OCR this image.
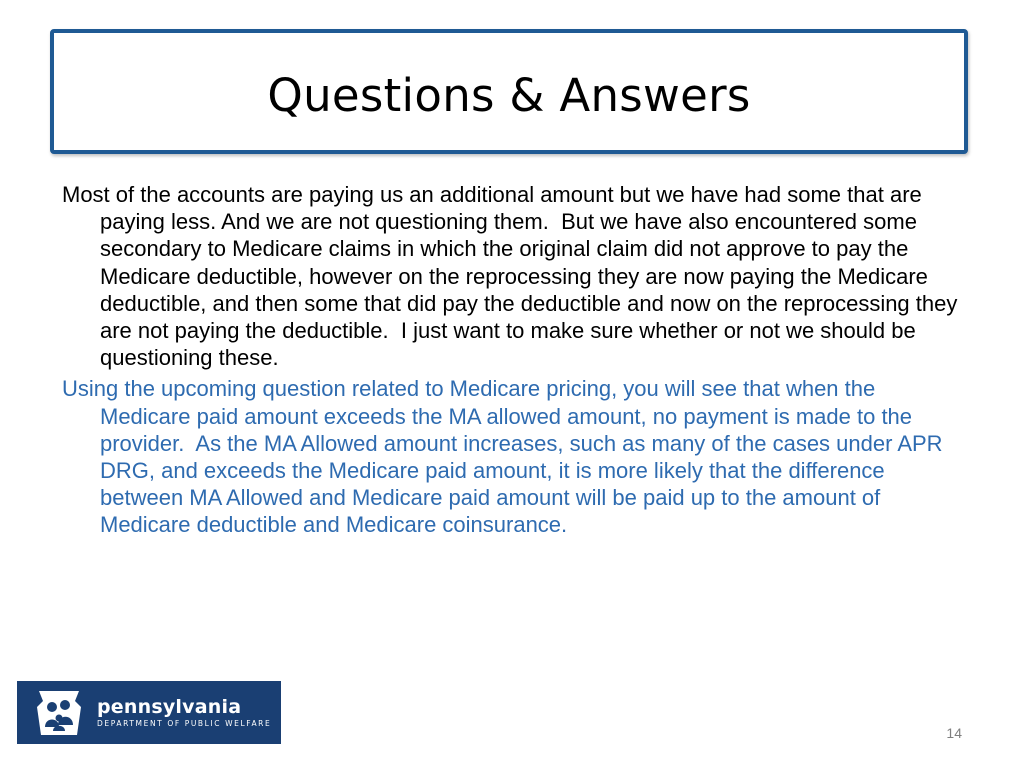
Questions & Answers

Most of the accounts are paying us an additional amount but we have had some that are paying less. And we are not questioning them.  But we have also encountered some secondary to Medicare claims in which the original claim did not approve to pay the Medicare deductible, however on the reprocessing they are now paying the Medicare deductible, and then some that did pay the deductible and now on the reprocessing they are not paying the deductible.  I just want to make sure whether or not we should be questioning these.

Using the upcoming question related to Medicare pricing, you will see that when the Medicare paid amount exceeds the MA allowed amount, no payment is made to the provider.  As the MA Allowed amount increases, such as many of the cases under APR DRG, and exceeds the Medicare paid amount, it is more likely that the difference between MA Allowed and Medicare paid amount will be paid up to the amount of Medicare deductible and Medicare coinsurance.

pennsylvania
DEPARTMENT OF PUBLIC WELFARE
14
